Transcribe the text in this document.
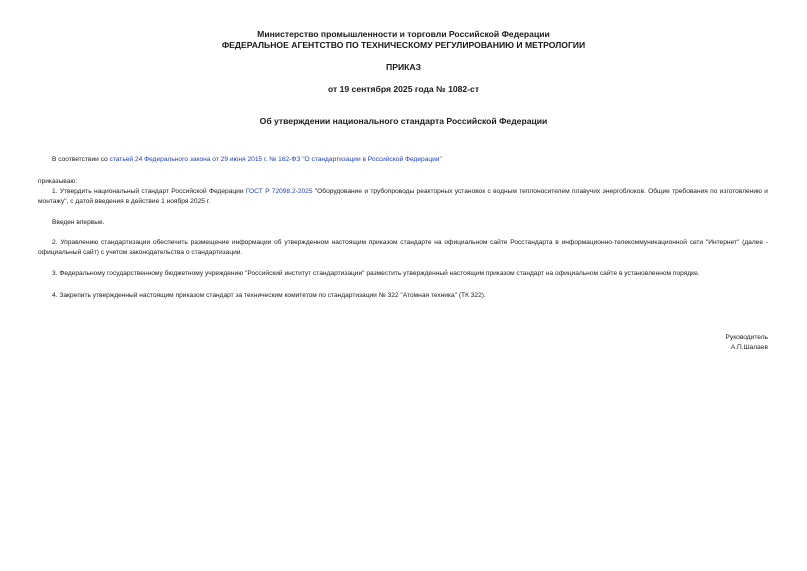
Министерство промышленности и торговли Российской Федерации
ФЕДЕРАЛЬНОЕ АГЕНТСТВО ПО ТЕХНИЧЕСКОМУ РЕГУЛИРОВАНИЮ И МЕТРОЛОГИИ
ПРИКАЗ
от 19 сентября 2025 года № 1082-ст
Об утверждении национального стандарта Российской Федерации
В соответствии со статьей 24 Федерального закона от 29 июня 2015 г. № 162-ФЗ "О стандартизации в Российской Федерации"
приказываю:
1. Утвердить национальный стандарт Российской Федерации ГОСТ Р 72098.2-2025 "Оборудование и трубопроводы реакторных установок с водным теплоносителем плавучих энергоблоков. Общие требования по изготовлению и монтажу", с датой введения в действие 1 ноября 2025 г.
Введен впервые.
2. Управлению стандартизации обеспечить размещение информации об утвержденном настоящим приказом стандарте на официальном сайте Росстандарта в информационно-телекоммуникационной сети "Интернет" (далее - официальный сайт) с учетом законодательства о стандартизации.
3. Федеральному государственному бюджетному учреждению "Российский институт стандартизации" разместить утвержденный настоящим приказом стандарт на официальном сайте в установленном порядке.
4. Закрепить утвержденный настоящим приказом стандарт за техническим комитетом по стандартизации № 322 "Атомная техника" (ТК 322).
Руководитель
А.П.Шалаев
